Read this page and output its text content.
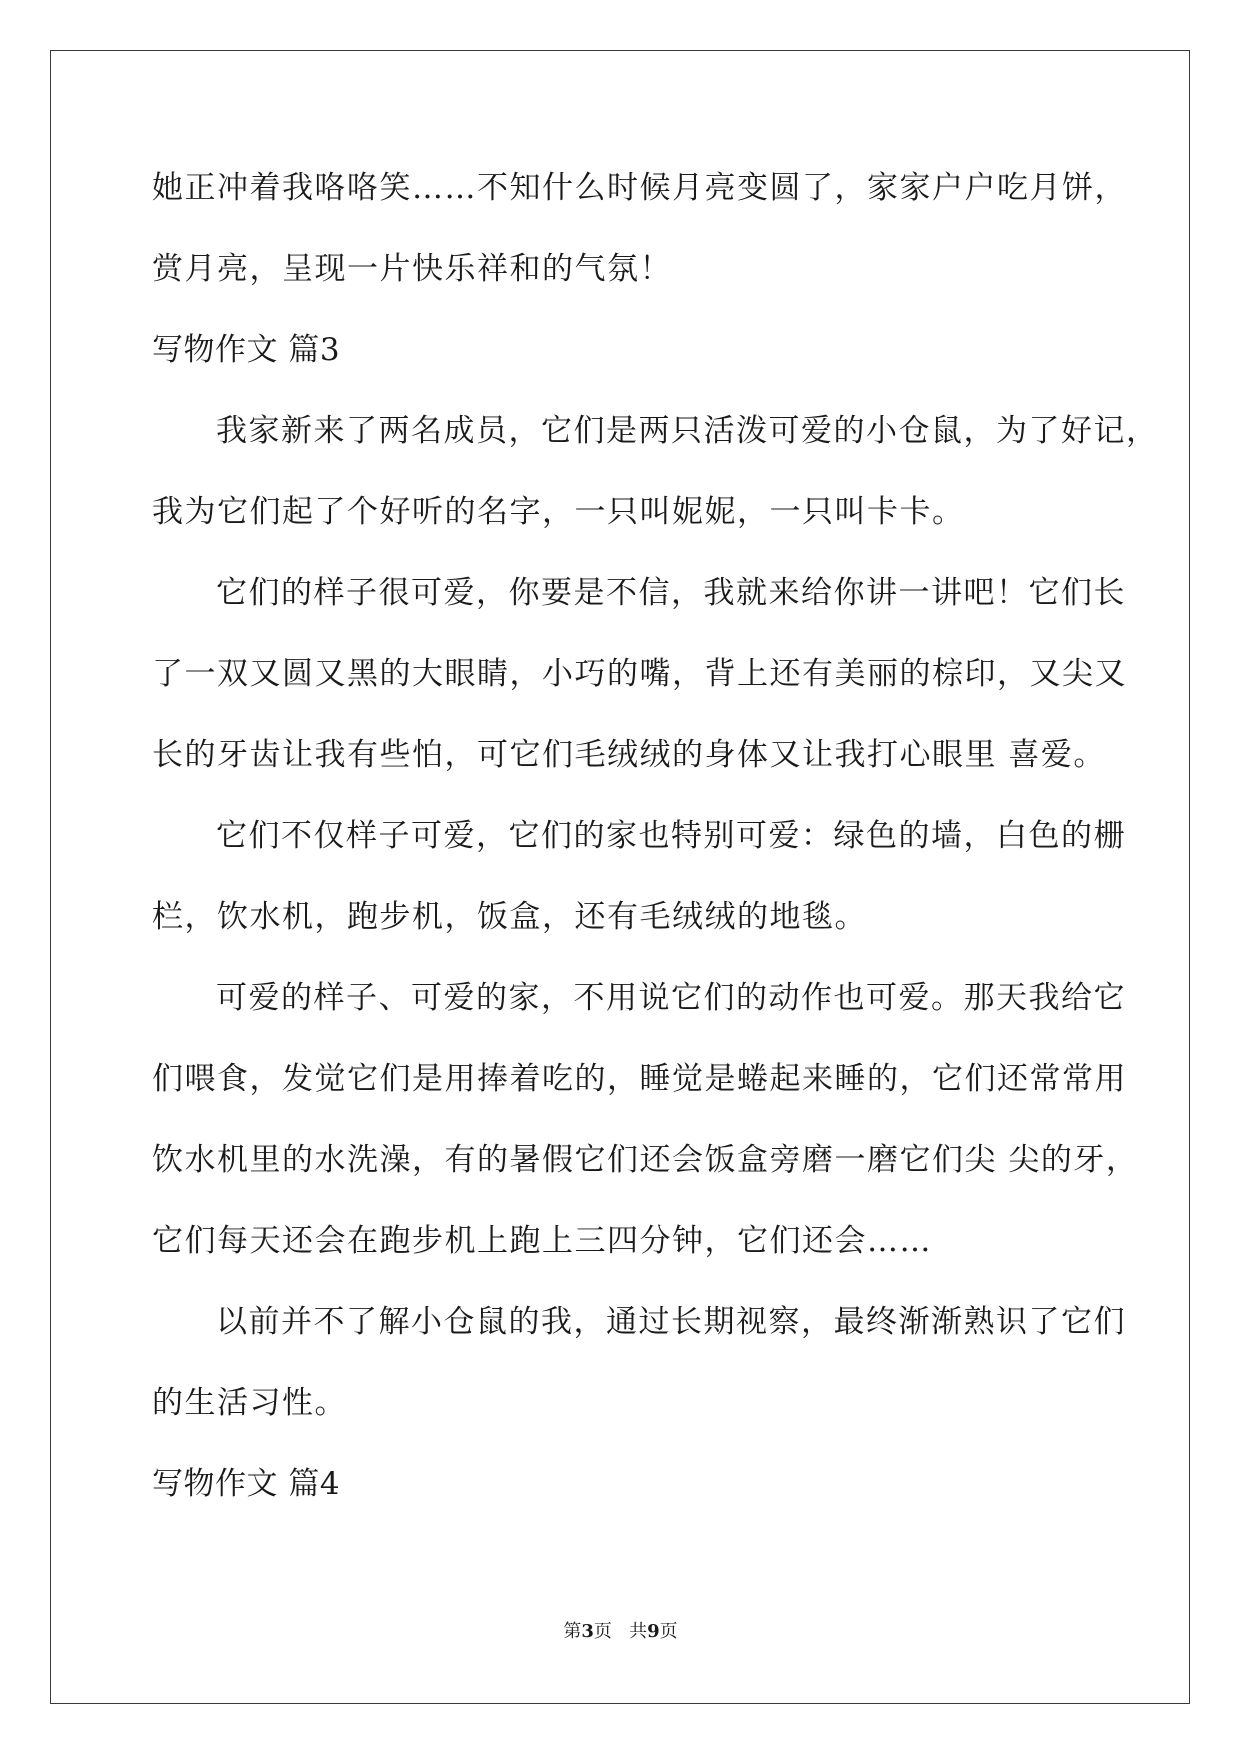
她正冲着我咯咯笑……不知什么时候月亮变圆了，家家户户吃月饼，
赏月亮，呈现一片快乐祥和的气氛！
写物作文 篇3
我家新来了两名成员，它们是两只活泼可爱的小仓鼠，为了好记，
我为它们起了个好听的名字，一只叫妮妮，一只叫卡卡。
它们的样子很可爱，你要是不信，我就来给你讲一讲吧！它们长
了一双又圆又黑的大眼睛，小巧的嘴，背上还有美丽的棕印，又尖又
长的牙齿让我有些怕，可它们毛绒绒的身体又让我打心眼里 喜爱。
它们不仅样子可爱，它们的家也特别可爱：绿色的墙，白色的栅
栏，饮水机，跑步机，饭盒，还有毛绒绒的地毯。
可爱的样子、可爱的家，不用说它们的动作也可爱。那天我给它
们喂食，发觉它们是用捧着吃的，睡觉是蜷起来睡的，它们还常常用
饮水机里的水洗澡，有的暑假它们还会饭盒旁磨一磨它们尖 尖的牙，
它们每天还会在跑步机上跑上三四分钟，它们还会……
以前并不了解小仓鼠的我，通过长期视察，最终渐渐熟识了它们
的生活习性。
写物作文 篇4
第3页 共9页
